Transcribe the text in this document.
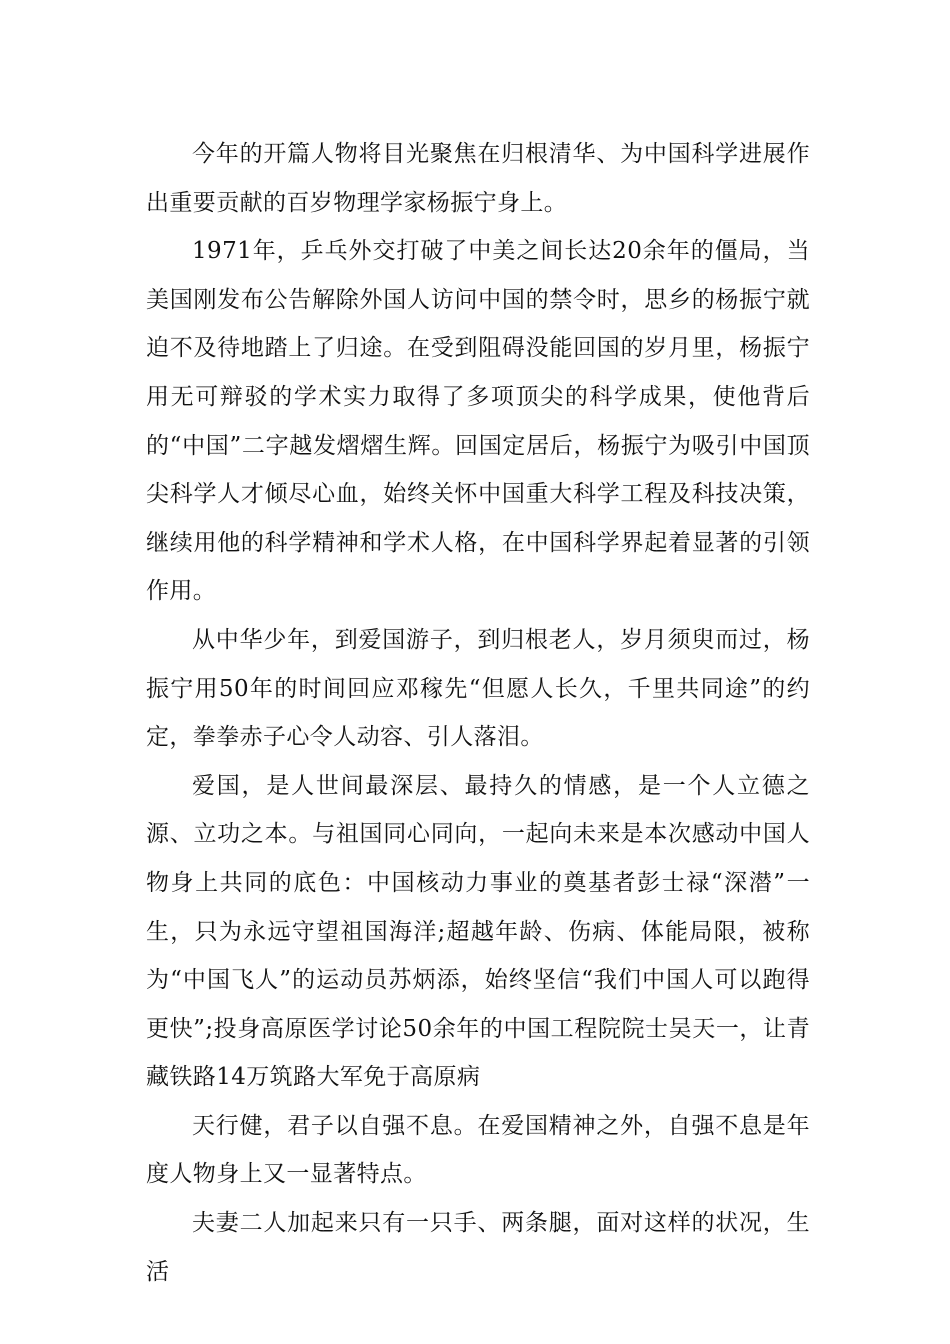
今年的开篇人物将目光聚焦在归根清华、为中国科学进展作出重要贡献的百岁物理学家杨振宁身上。

1971年，乒乓外交打破了中美之间长达20余年的僵局，当美国刚发布公告解除外国人访问中国的禁令时，思乡的杨振宁就迫不及待地踏上了归途。在受到阻碍没能回国的岁月里，杨振宁用无可辩驳的学术实力取得了多项顶尖的科学成果，使他背后的“中国”二字越发熠熠生辉。回国定居后，杨振宁为吸引中国顶尖科学人才倾尽心血，始终关怀中国重大科学工程及科技决策，继续用他的科学精神和学术人格，在中国科学界起着显著的引领作用。

从中华少年，到爱国游子，到归根老人，岁月须臾而过，杨振宁用50年的时间回应邓稼先“但愿人长久，千里共同途”的约定，拳拳赤子心令人动容、引人落泪。

爱国，是人世间最深层、最持久的情感，是一个人立德之源、立功之本。与祖国同心同向，一起向未来是本次感动中国人物身上共同的底色：中国核动力事业的奠基者彭士禄“深潜”一生，只为永远守望祖国海洋;超越年龄、伤病、体能局限，被称为“中国飞人”的运动员苏炳添，始终坚信“我们中国人可以跑得更快”;投身高原医学讨论50余年的中国工程院院士吴天一，让青藏铁路14万筑路大军免于高原病

天行健，君子以自强不息。在爱国精神之外，自强不息是年度人物身上又一显著特点。

夫妻二人加起来只有一只手、两条腿，面对这样的状况，生活
